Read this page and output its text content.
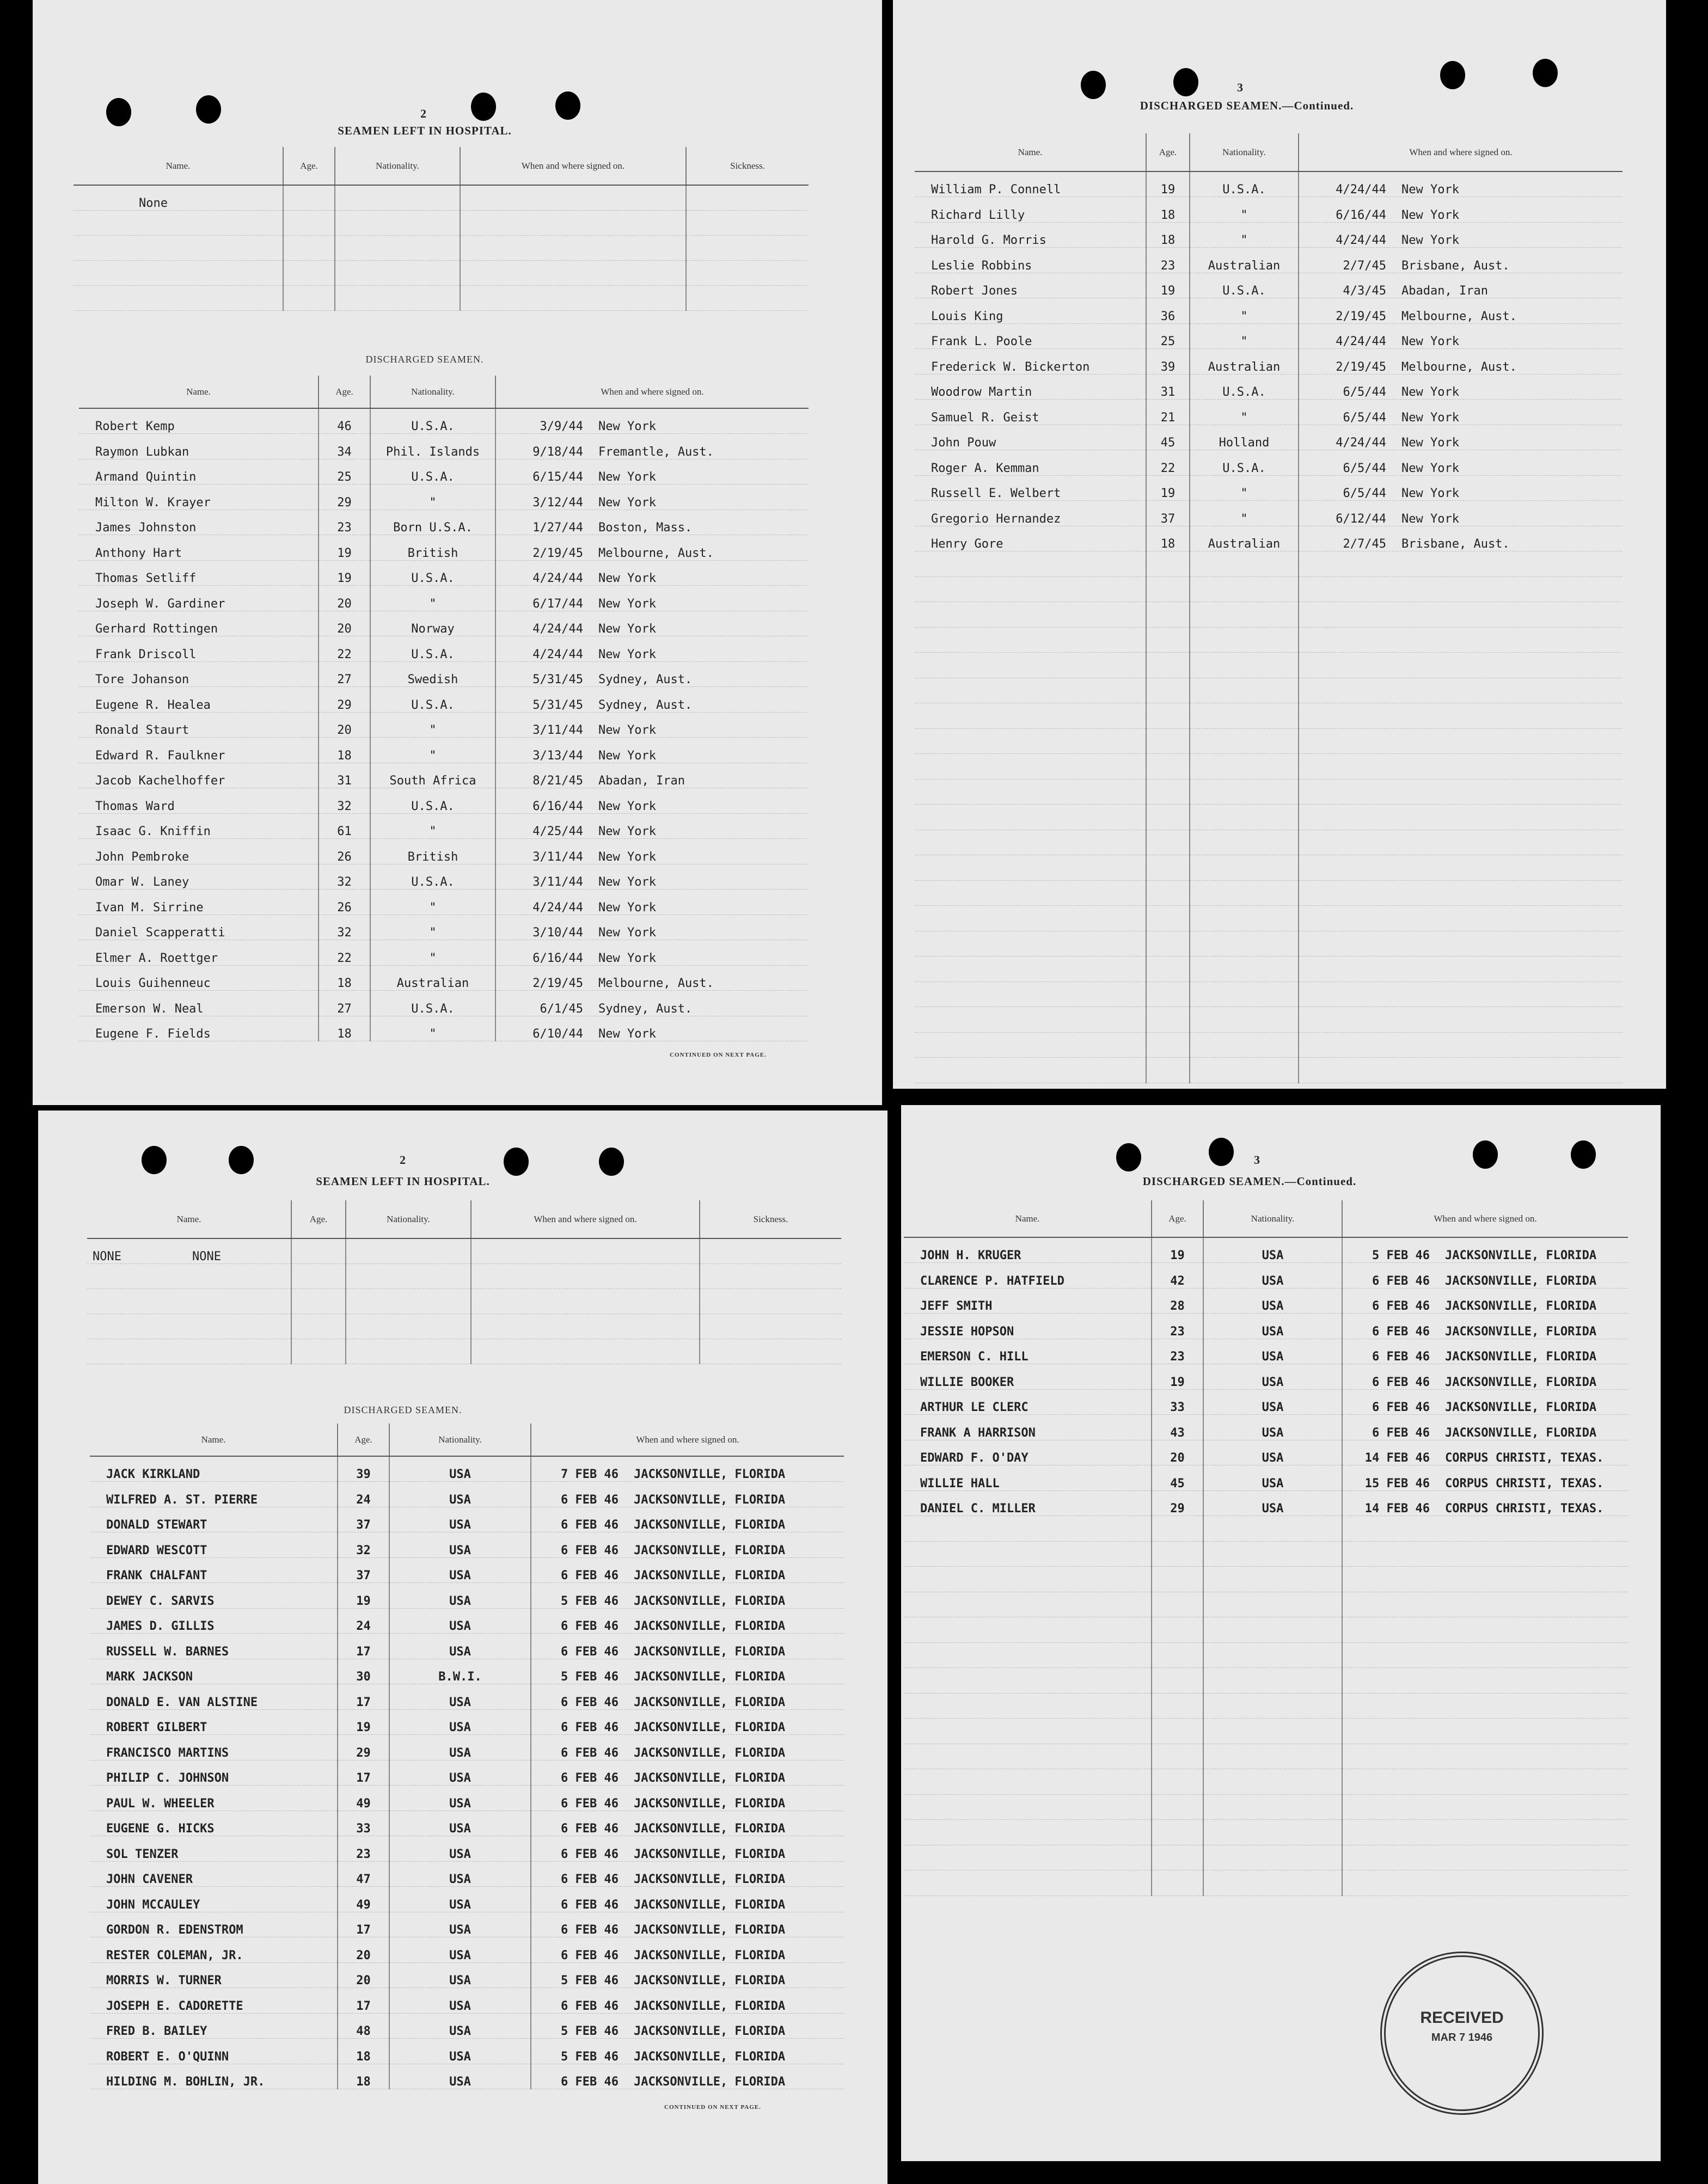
2
SEAMEN LEFT IN HOSPITAL.
Name.	Age.	Nationality.	When and where signed on.	Sickness.
None				

DISCHARGED SEAMEN.
Name.	Age.	Nationality.	When and where signed on.
Robert Kemp	46	U.S.A.	3/9/44 New York
Raymon Lubkan	34	Phil. Islands	9/18/44 Fremantle, Aust.
Armand Quintin	25	U.S.A.	6/15/44 New York
Milton W. Krayer	29	"	3/12/44 New York
James Johnston	23	Born U.S.A.	1/27/44 Boston, Mass.
Anthony Hart	19	British	2/19/45 Melbourne, Aust.
Thomas Setliff	19	U.S.A.	4/24/44 New York
Joseph W. Gardiner	20	"	6/17/44 New York
Gerhard Rottingen	20	Norway	4/24/44 New York
Frank Driscoll	22	U.S.A.	4/24/44 New York
Tore Johanson	27	Swedish	5/31/45 Sydney, Aust.
Eugene R. Healea	29	U.S.A.	5/31/45 Sydney, Aust.
Ronald Staurt	20	"	3/11/44 New York
Edward R. Faulkner	18	"	3/13/44 New York
Jacob Kachelhoffer	31	South Africa	8/21/45 Abadan, Iran
Thomas Ward	32	U.S.A.	6/16/44 New York
Isaac G. Kniffin	61	"	4/25/44 New York
John Pembroke	26	British	3/11/44 New York
Omar W. Laney	32	U.S.A.	3/11/44 New York
Ivan M. Sirrine	26	"	4/24/44 New York
Daniel Scapperatti	32	"	3/10/44 New York
Elmer A. Roettger	22	"	6/16/44 New York
Louis Guihenneuc	18	Australian	2/19/45 Melbourne, Aust.
Emerson W. Neal	27	U.S.A.	6/1/45 Sydney, Aust.
Eugene F. Fields	18	"	6/10/44 New York
CONTINUED ON NEXT PAGE.
3
DISCHARGED SEAMEN.—Continued.
Name.	Age.	Nationality.	When and where signed on.
William P. Connell	19	U.S.A.	4/24/44 New York
Richard Lilly	18	"	6/16/44 New York
Harold G. Morris	18	"	4/24/44 New York
Leslie Robbins	23	Australian	2/7/45 Brisbane, Aust.
Robert Jones	19	U.S.A.	4/3/45 Abadan, Iran
Louis King	36	"	2/19/45 Melbourne, Aust.
Frank L. Poole	25	"	4/24/44 New York
Frederick W. Bickerton	39	Australian	2/19/45 Melbourne, Aust.
Woodrow Martin	31	U.S.A.	6/5/44 New York
Samuel R. Geist	21	"	6/5/44 New York
John Pouw	45	Holland	4/24/44 New York
Roger A. Kemman	22	U.S.A.	6/5/44 New York
Russell E. Welbert	19	"	6/5/44 New York
Gregorio Hernandez	37	"	6/12/44 New York
Henry Gore	18	Australian	2/7/45 Brisbane, Aust.

2
SEAMEN LEFT IN HOSPITAL.
Name.	Age.	Nationality.	When and where signed on.	Sickness.
NONE NONE				

DISCHARGED SEAMEN.
Name.	Age.	Nationality.	When and where signed on.
JACK KIRKLAND	39	USA	7 FEB 46 JACKSONVILLE, FLORIDA
WILFRED A. ST. PIERRE	24	USA	6 FEB 46 JACKSONVILLE, FLORIDA
DONALD STEWART	37	USA	6 FEB 46 JACKSONVILLE, FLORIDA
EDWARD WESCOTT	32	USA	6 FEB 46 JACKSONVILLE, FLORIDA
FRANK CHALFANT	37	USA	6 FEB 46 JACKSONVILLE, FLORIDA
DEWEY C. SARVIS	19	USA	5 FEB 46 JACKSONVILLE, FLORIDA
JAMES D. GILLIS	24	USA	6 FEB 46 JACKSONVILLE, FLORIDA
RUSSELL W. BARNES	17	USA	6 FEB 46 JACKSONVILLE, FLORIDA
MARK JACKSON	30	B.W.I.	5 FEB 46 JACKSONVILLE, FLORIDA
DONALD E. VAN ALSTINE	17	USA	6 FEB 46 JACKSONVILLE, FLORIDA
ROBERT GILBERT	19	USA	6 FEB 46 JACKSONVILLE, FLORIDA
FRANCISCO MARTINS	29	USA	6 FEB 46 JACKSONVILLE, FLORIDA
PHILIP C. JOHNSON	17	USA	6 FEB 46 JACKSONVILLE, FLORIDA
PAUL W. WHEELER	49	USA	6 FEB 46 JACKSONVILLE, FLORIDA
EUGENE G. HICKS	33	USA	6 FEB 46 JACKSONVILLE, FLORIDA
SOL TENZER	23	USA	6 FEB 46 JACKSONVILLE, FLORIDA
JOHN CAVENER	47	USA	6 FEB 46 JACKSONVILLE, FLORIDA
JOHN MCCAULEY	49	USA	6 FEB 46 JACKSONVILLE, FLORIDA
GORDON R. EDENSTROM	17	USA	6 FEB 46 JACKSONVILLE, FLORIDA
RESTER COLEMAN, JR.	20	USA	6 FEB 46 JACKSONVILLE, FLORIDA
MORRIS W. TURNER	20	USA	5 FEB 46 JACKSONVILLE, FLORIDA
JOSEPH E. CADORETTE	17	USA	6 FEB 46 JACKSONVILLE, FLORIDA
FRED B. BAILEY	48	USA	5 FEB 46 JACKSONVILLE, FLORIDA
ROBERT E. O'QUINN	18	USA	5 FEB 46 JACKSONVILLE, FLORIDA
HILDING M. BOHLIN, JR.	18	USA	6 FEB 46 JACKSONVILLE, FLORIDA
CONTINUED ON NEXT PAGE.
3
DISCHARGED SEAMEN.—Continued.
Name.	Age.	Nationality.	When and where signed on.
JOHN H. KRUGER	19	USA	5 FEB 46 JACKSONVILLE, FLORIDA
CLARENCE P. HATFIELD	42	USA	6 FEB 46 JACKSONVILLE, FLORIDA
JEFF SMITH	28	USA	6 FEB 46 JACKSONVILLE, FLORIDA
JESSIE HOPSON	23	USA	6 FEB 46 JACKSONVILLE, FLORIDA
EMERSON C. HILL	23	USA	6 FEB 46 JACKSONVILLE, FLORIDA
WILLIE BOOKER	19	USA	6 FEB 46 JACKSONVILLE, FLORIDA
ARTHUR LE CLERC	33	USA	6 FEB 46 JACKSONVILLE, FLORIDA
FRANK A HARRISON	43	USA	6 FEB 46 JACKSONVILLE, FLORIDA
EDWARD F. O'DAY	20	USA	14 FEB 46 CORPUS CHRISTI, TEXAS.
WILLIE HALL	45	USA	15 FEB 46 CORPUS CHRISTI, TEXAS.
DANIEL C. MILLER	29	USA	14 FEB 46 CORPUS CHRISTI, TEXAS.

RECEIVED
MAR 7 1946
